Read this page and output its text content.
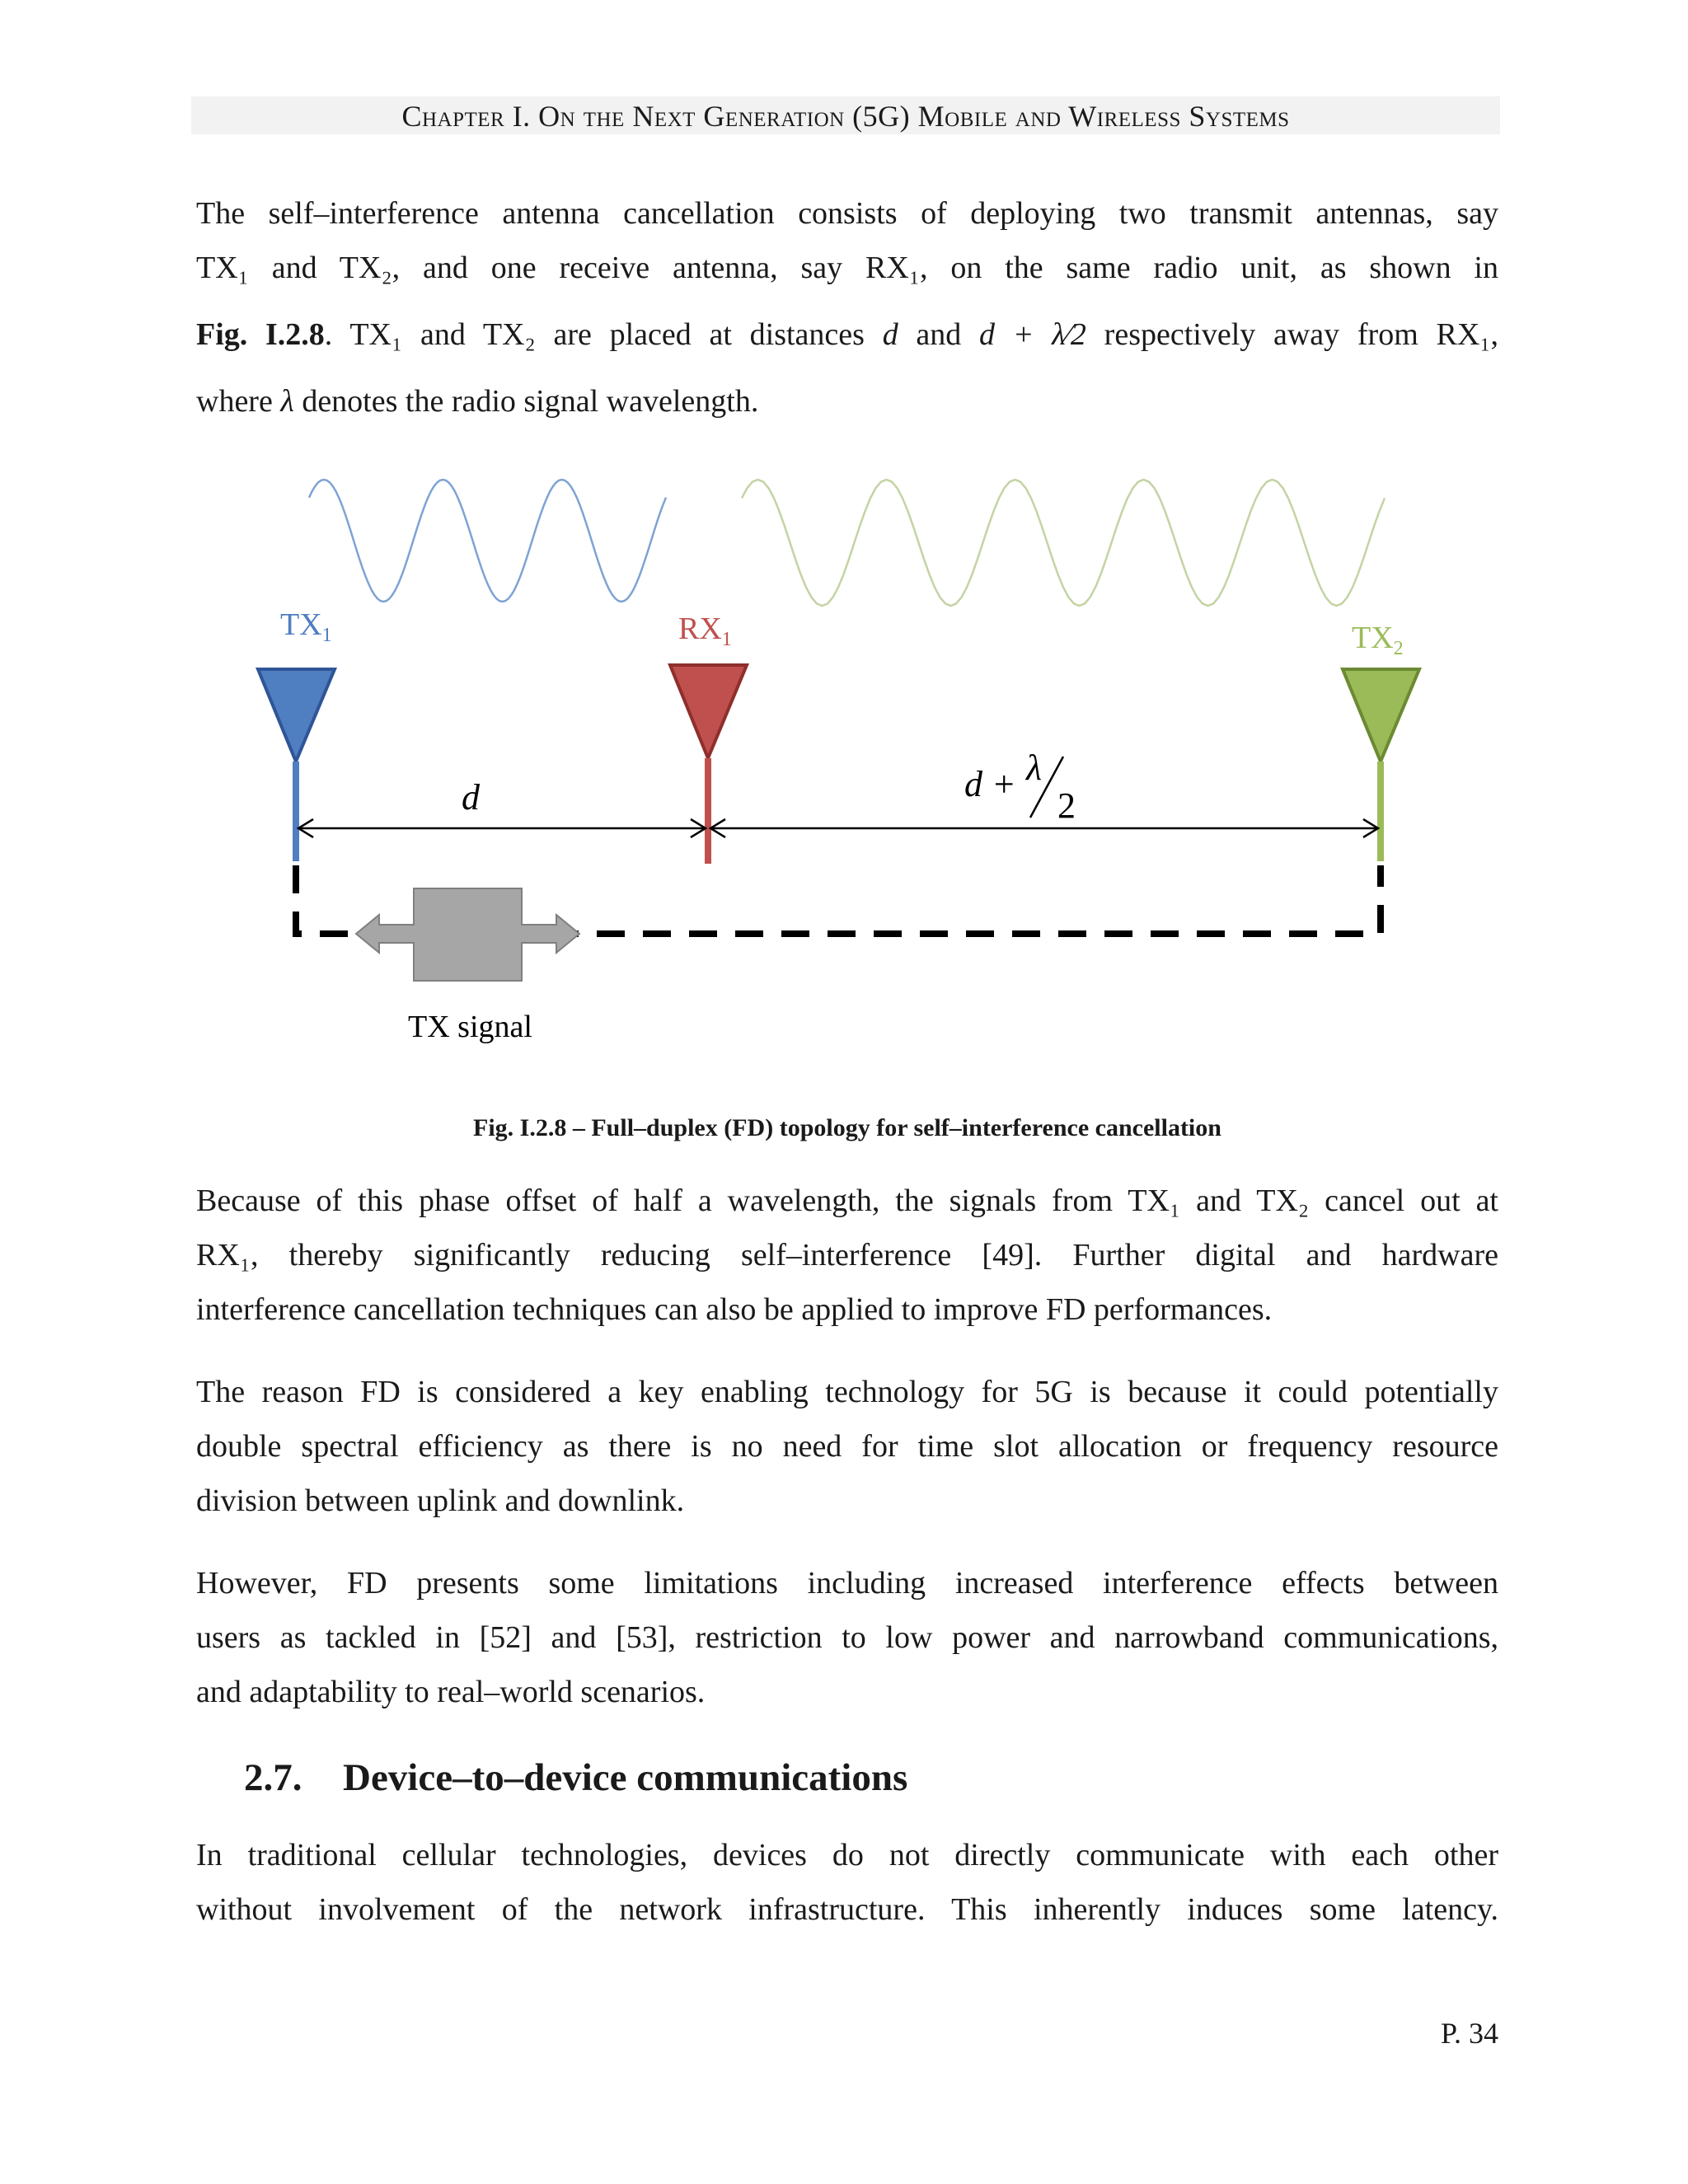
Chapter I. On the Next Generation (5G) Mobile and Wireless Systems
The self–interference antenna cancellation consists of deploying two transmit antennas, say
TX₁ and TX₂, and one receive antenna, say RX₁, on the same radio unit, as shown in
Fig. I.2.8. TX₁ and TX₂ are placed at distances d and d + λ⁄2 respectively away from RX₁,
where λ denotes the radio signal wavelength.
$TX_1$	$RX_1$	$TX_2$
d	d + λ
2
TX signal
Fig. I.2.8 – Full–duplex (FD) topology for self–interference cancellation
Because of this phase offset of half a wavelength, the signals from TX₁ and TX₂ cancel out at
RX₁, thereby significantly reducing self–interference [49]. Further digital and hardware
interference cancellation techniques can also be applied to improve FD performances.
The reason FD is considered a key enabling technology for 5G is because it could potentially
double spectral efficiency as there is no need for time slot allocation or frequency resource
division between uplink and downlink.
However, FD presents some limitations including increased interference effects between
users as tackled in [52] and [53], restriction to low power and narrowband communications,
and adaptability to real–world scenarios.
2.7. Device–to–device communications
In traditional cellular technologies, devices do not directly communicate with each other
without involvement of the network infrastructure. This inherently induces some latency.
P. 34
